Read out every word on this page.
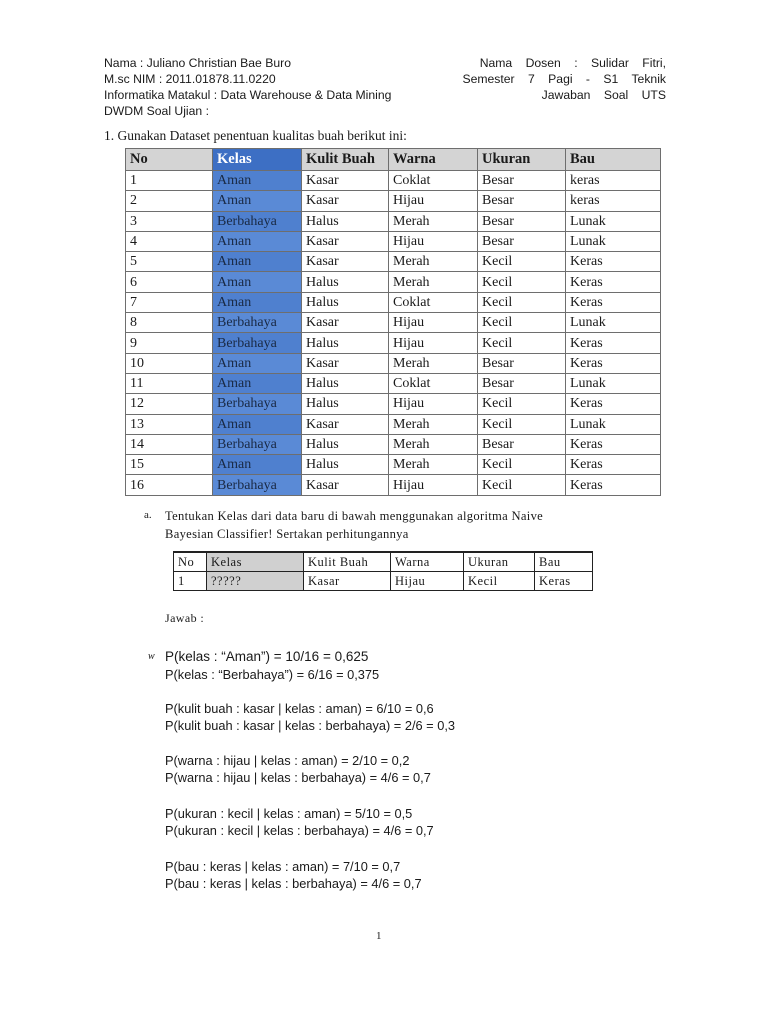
Nama : Juliano Christian Bae Buro	Nama Dosen : Sulidar Fitri,
M.sc NIM : 2011.01878.11.0220	Semester 7 Pagi - S1 Teknik
Informatika Matakul : Data Warehouse & Data Mining	Jawaban Soal UTS
DWDM Soal Ujian :
1. Gunakan Dataset penentuan kualitas buah berikut ini:
No	Kelas	Kulit Buah	Warna	Ukuran	Bau
1	Aman	Kasar	Coklat	Besar	keras
2	Aman	Kasar	Hijau	Besar	keras
3	Berbahaya	Halus	Merah	Besar	Lunak
4	Aman	Kasar	Hijau	Besar	Lunak
5	Aman	Kasar	Merah	Kecil	Keras
6	Aman	Halus	Merah	Kecil	Keras
7	Aman	Halus	Coklat	Kecil	Keras
8	Berbahaya	Kasar	Hijau	Kecil	Lunak
9	Berbahaya	Halus	Hijau	Kecil	Keras
10	Aman	Kasar	Merah	Besar	Keras
11	Aman	Halus	Coklat	Besar	Lunak
12	Berbahaya	Halus	Hijau	Kecil	Keras
13	Aman	Kasar	Merah	Kecil	Lunak
14	Berbahaya	Halus	Merah	Besar	Keras
15	Aman	Halus	Merah	Kecil	Keras
16	Berbahaya	Kasar	Hijau	Kecil	Keras
a. Tentukan Kelas dari data baru di bawah menggunakan algoritma Naive
Bayesian Classifier! Sertakan perhitungannya
No	Kelas	Kulit Buah	Warna	Ukuran	Bau
1	?????	Kasar	Hijau	Kecil	Keras
Jawab :
w P(kelas : “Aman”) = 10/16 = 0,625
P(kelas : “Berbahaya”) = 6/16 = 0,375
P(kulit buah : kasar | kelas : aman) = 6/10 = 0,6
P(kulit buah : kasar | kelas : berbahaya) = 2/6 = 0,3
P(warna : hijau | kelas : aman) = 2/10 = 0,2
P(warna : hijau | kelas : berbahaya) = 4/6 = 0,7
P(ukuran : kecil | kelas : aman) = 5/10 = 0,5
P(ukuran : kecil | kelas : berbahaya) = 4/6 = 0,7
P(bau : keras | kelas : aman) = 7/10 = 0,7
P(bau : keras | kelas : berbahaya) = 4/6 = 0,7
1
